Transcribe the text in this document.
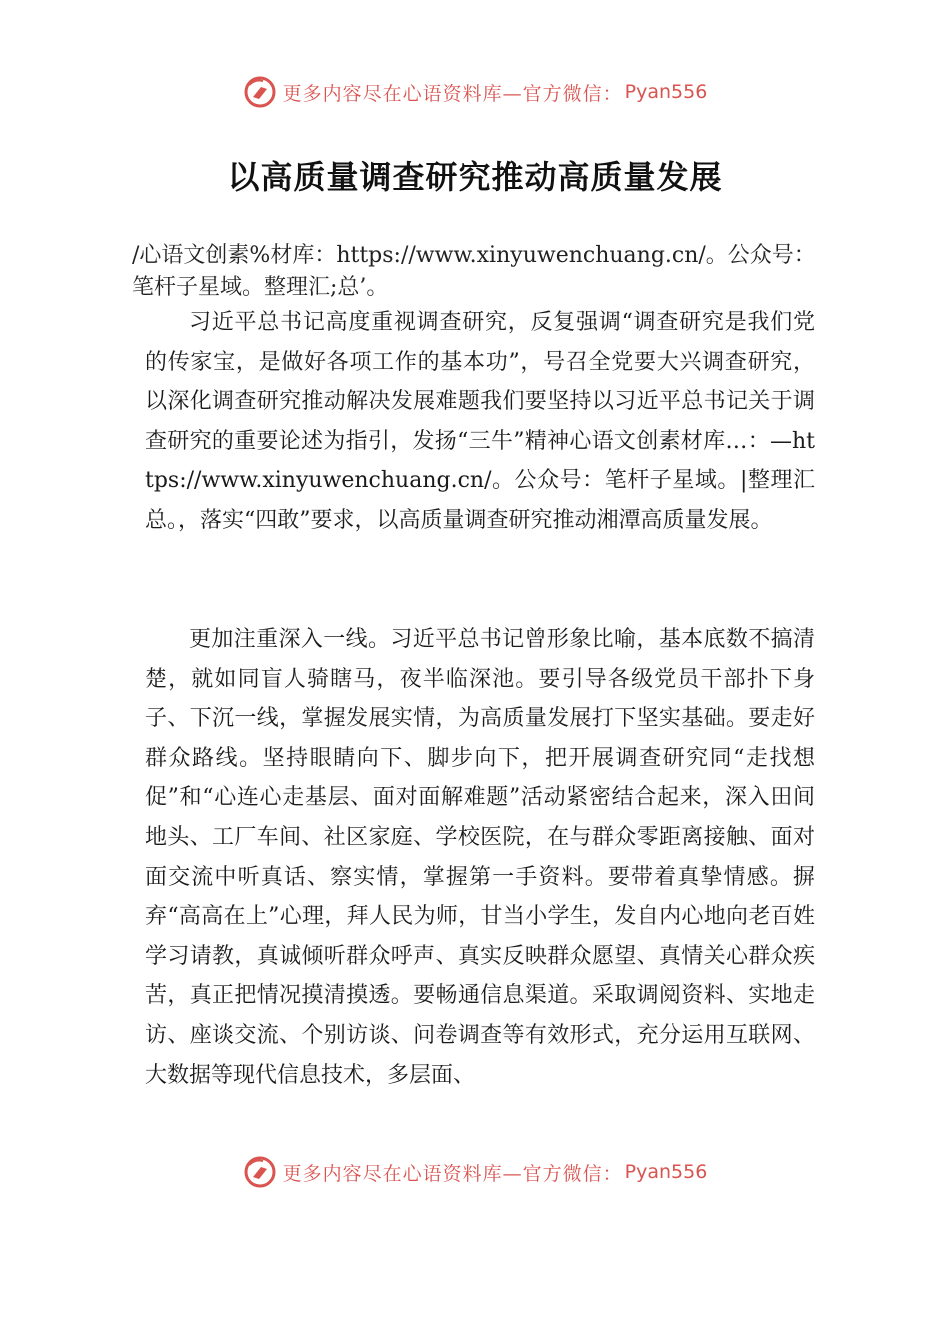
更多内容尽在心语资料库—官方微信： Pyan556
以高质量调查研究推动高质量发展

/心语文创素%材库：https://www.xinyuwenchuang.cn/。公众号：笔杆子星域。整理汇;总’。

习近平总书记高度重视调查研究，反复强调“调查研究是我们党的传家宝，是做好各项工作的基本功”，号召全党要大兴调查研究，以深化调查研究推动解决发展难题我们要坚持以习近平总书记关于调查研究的重要论述为指引，发扬“三牛”精神心语文创素材库…：—https://www.xinyuwenchuang.cn/。公众号：笔杆子星域。|整理汇总。，落实“四敢”要求，以高质量调查研究推动湘潭高质量发展。

更加注重深入一线。习近平总书记曾形象比喻，基本底数不搞清楚，就如同盲人骑瞎马，夜半临深池。要引导各级党员干部扑下身子、下沉一线，掌握发展实情，为高质量发展打下坚实基础。要走好群众路线。坚持眼睛向下、脚步向下，把开展调查研究同“走找想促”和“心连心走基层、面对面解难题”活动紧密结合起来，深入田间地头、工厂车间、社区家庭、学校医院，在与群众零距离接触、面对面交流中听真话、察实情，掌握第一手资料。要带着真挚情感。摒弃“高高在上”心理，拜人民为师，甘当小学生，发自内心地向老百姓学习请教，真诚倾听群众呼声、真实反映群众愿望、真情关心群众疾苦，真正把情况摸清摸透。要畅通信息渠道。采取调阅资料、实地走访、座谈交流、个别访谈、问卷调查等有效形式，充分运用互联网、大数据等现代信息技术，多层面、

更多内容尽在心语资料库—官方微信： Pyan556
